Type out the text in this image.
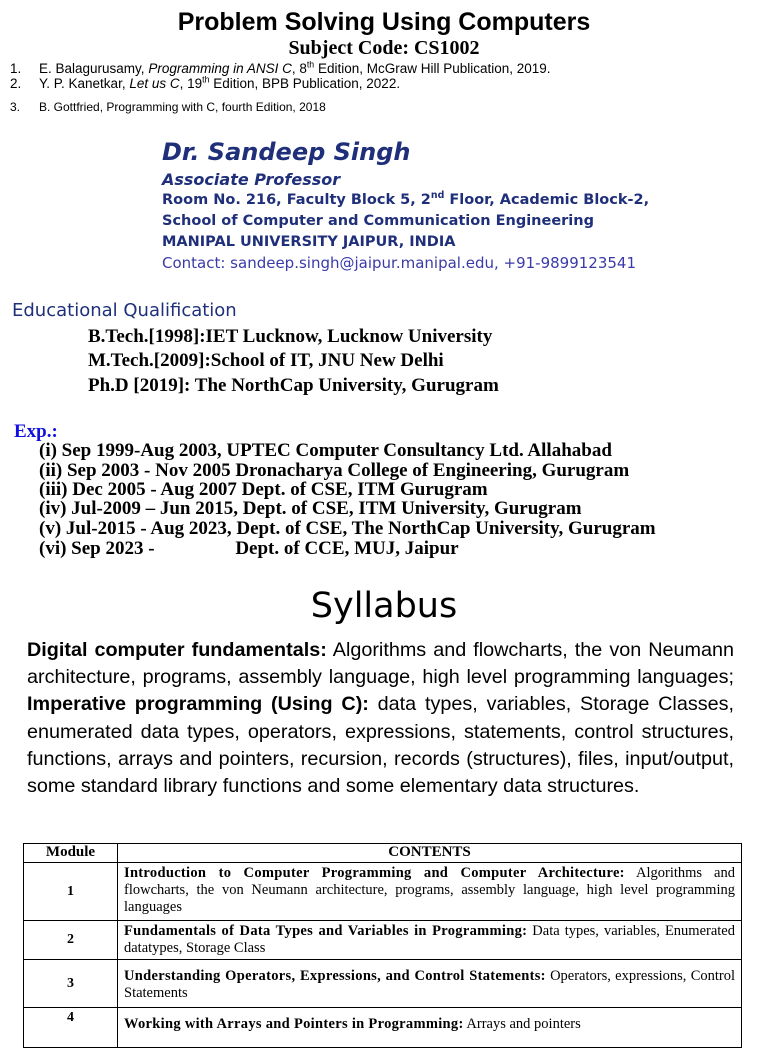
Problem Solving Using Computers
Subject Code: CS1002
1. E. Balagurusamy, Programming in ANSI C, 8th Edition, McGraw Hill Publication, 2019.
2. Y. P. Kanetkar, Let us C, 19th Edition, BPB Publication, 2022.
3. B. Gottfried, Programming with C, fourth Edition, 2018
Dr. Sandeep Singh
Associate Professor
Room No. 216, Faculty Block 5, 2nd Floor, Academic Block-2,
School of Computer and Communication Engineering
MANIPAL UNIVERSITY JAIPUR, INDIA
Contact: sandeep.singh@jaipur.manipal.edu, +91-9899123541
Educational Qualification
B.Tech.[1998]:IET Lucknow, Lucknow University
M.Tech.[2009]:School of IT, JNU New Delhi
Ph.D [2019]: The NorthCap University, Gurugram
Exp.:
(i) Sep 1999-Aug 2003, UPTEC Computer Consultancy Ltd. Allahabad
(ii) Sep 2003 - Nov 2005 Dronacharya College of Engineering, Gurugram
(iii) Dec 2005 - Aug 2007 Dept. of CSE, ITM Gurugram
(iv) Jul-2009 – Jun 2015, Dept. of CSE, ITM University, Gurugram
(v) Jul-2015 - Aug 2023, Dept. of CSE, The NorthCap University, Gurugram
(vi) Sep 2023 -                 Dept. of CCE, MUJ, Jaipur
Syllabus
Digital computer fundamentals: Algorithms and flowcharts, the von Neumann architecture, programs, assembly language, high level programming languages; Imperative programming (Using C): data types, variables, Storage Classes, enumerated data types, operators, expressions, statements, control structures, functions, arrays and pointers, recursion, records (structures), files, input/output, some standard library functions and some elementary data structures.
Module	CONTENTS
1	Introduction to Computer Programming and Computer Architecture: Algorithms and flowcharts, the von Neumann architecture, programs, assembly language, high level programming languages
2	Fundamentals of Data Types and Variables in Programming: Data types, variables, Enumerated datatypes, Storage Class
3	Understanding Operators, Expressions, and Control Statements: Operators, expressions, Control Statements
4	Working with Arrays and Pointers in Programming: Arrays and pointers
